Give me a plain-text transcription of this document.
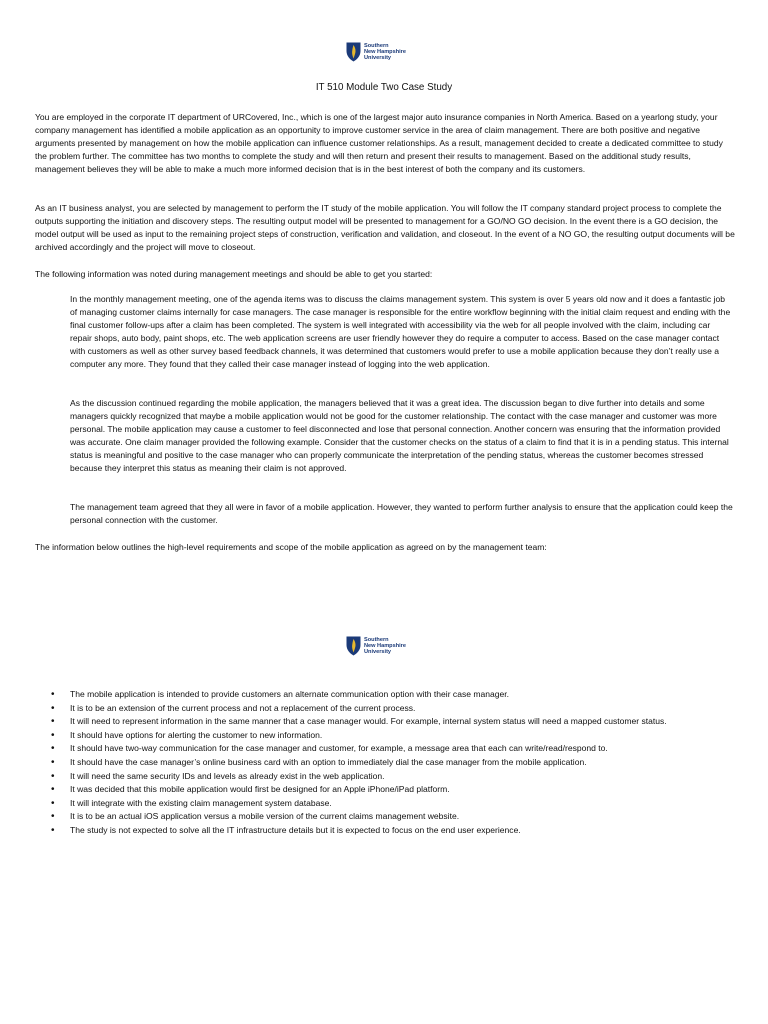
Southern
New Hampshire
University
IT 510 Module Two Case Study

You are employed in the corporate IT department of URCovered, Inc., which is one of the largest major auto insurance companies in North America. Based on a yearlong study, your company management has identified a mobile application as an opportunity to improve customer service in the area of claim management. There are both positive and negative arguments presented by management on how the mobile application can influence customer relationships. As a result, management decided to create a dedicated committee to study the problem further. The committee has two months to complete the study and will then return and present their results to management. Based on the additional study results, management believes they will be able to make a much more informed decision that is in the best interest of both the company and its customers.

As an IT business analyst, you are selected by management to perform the IT study of the mobile application. You will follow the IT company standard project process to complete the outputs supporting the initiation and discovery steps. The resulting output model will be presented to management for a GO/NO GO decision. In the event there is a GO decision, the model output will be used as input to the remaining project steps of construction, verification and validation, and closeout. In the event of a NO GO, the resulting output documents will be archived accordingly and the project will move to closeout.

The following information was noted during management meetings and should be able to get you started:

In the monthly management meeting, one of the agenda items was to discuss the claims management system. This system is over 5 years old now and it does a fantastic job of managing customer claims internally for case managers. The case manager is responsible for the entire workflow beginning with the initial claim request and ending with the final customer follow-ups after a claim has been completed. The system is well integrated with accessibility via the web for all people involved with the claim, including car repair shops, auto body, paint shops, etc. The web application screens are user friendly however they do require a computer to access. Based on the case manager contact with customers as well as other survey based feedback channels, it was determined that customers would prefer to use a mobile application because they don’t really use a computer any more. They found that they called their case manager instead of logging into the web application.

As the discussion continued regarding the mobile application, the managers believed that it was a great idea. The discussion began to dive further into details and some managers quickly recognized that maybe a mobile application would not be good for the customer relationship. The contact with the case manager and customer was more personal. The mobile application may cause a customer to feel disconnected and lose that personal connection. Another concern was ensuring that the information provided was accurate. One claim manager provided the following example. Consider that the customer checks on the status of a claim to find that it is in a pending status. This internal status is meaningful and positive to the case manager who can properly communicate the interpretation of the pending status, whereas the customer becomes stressed because they interpret this status as meaning their claim is not approved.

The management team agreed that they all were in favor of a mobile application. However, they wanted to perform further analysis to ensure that the application could keep the personal connection with the customer.

The information below outlines the high-level requirements and scope of the mobile application as agreed on by the management team:

Southern
New Hampshire
University
• The mobile application is intended to provide customers an alternate communication option with their case manager.
• It is to be an extension of the current process and not a replacement of the current process.
• It will need to represent information in the same manner that a case manager would. For example, internal system status will need a mapped customer status.
• It should have options for alerting the customer to new information.
• It should have two-way communication for the case manager and customer, for example, a message area that each can write/read/respond to.
• It should have the case manager’s online business card with an option to immediately dial the case manager from the mobile application.
• It will need the same security IDs and levels as already exist in the web application.
• It was decided that this mobile application would first be designed for an Apple iPhone/iPad platform.
• It will integrate with the existing claim management system database.
• It is to be an actual iOS application versus a mobile version of the current claims management website.
• The study is not expected to solve all the IT infrastructure details but it is expected to focus on the end user experience.
